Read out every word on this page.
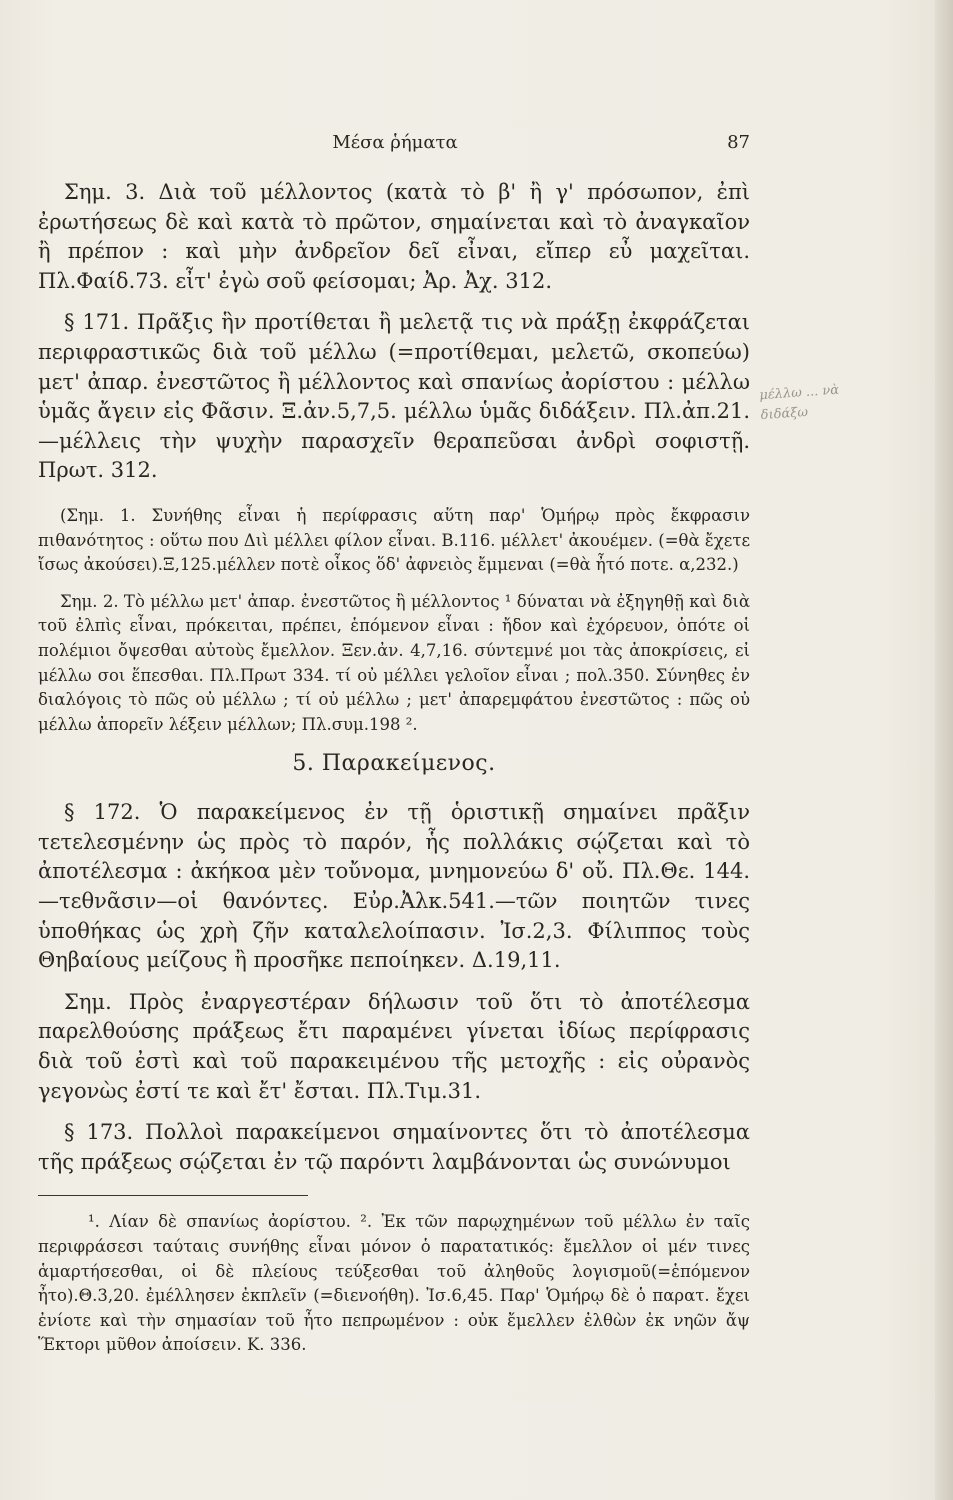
Μέσα ῥήματα	87
μέλλω ... νὰ διδάξω

Σημ. 3. Διὰ τοῦ μέλλοντος (κατὰ τὸ β' ἢ γ' πρόσωπον, ἐπὶ ἐρωτήσεως δὲ καὶ κατὰ τὸ πρῶτον, σημαίνεται καὶ τὸ ἀναγκαῖον ἢ πρέπον : καὶ μὴν ἀνδρεῖον δεῖ εἶναι, εἴπερ εὖ μαχεῖται. Πλ.Φαίδ.73. εἶτ' ἐγὼ σοῦ φείσομαι; Ἀρ. Ἀχ. 312.

§ 171. Πρᾶξις ἣν προτίθεται ἢ μελετᾷ τις νὰ πράξῃ ἐκφράζεται περιφραστικῶς διὰ τοῦ μέλλω (=προτίθεμαι, μελετῶ, σκοπεύω) μετ' ἀπαρ. ἐνεστῶτος ἢ μέλλοντος καὶ σπανίως ἀορίστου : μέλλω ὑμᾶς ἄγειν εἰς Φᾶσιν. Ξ.ἀν.5,7,5. μέλλω ὑμᾶς διδάξειν. Πλ.ἀπ.21.—μέλλεις τὴν ψυχὴν παρασχεῖν θεραπεῦσαι ἀνδρὶ σοφιστῇ. Πρωτ. 312.

(Σημ. 1. Συνήθης εἶναι ἡ περίφρασις αὕτη παρ' Ὁμήρῳ πρὸς ἔκφρασιν πιθανότητος : οὕτω που Διὶ μέλλει φίλον εἶναι. Β.116. μέλλετ' ἀκουέμεν. (=θὰ ἔχετε ἴσως ἀκούσει).Ξ,125.μέλλεν ποτὲ οἶκος ὅδ' ἀφνειὸς ἔμμεναι (=θὰ ἦτό ποτε. α,232.)

Σημ. 2. Τὸ μέλλω μετ' ἀπαρ. ἐνεστῶτος ἢ μέλλοντος ¹ δύναται νὰ ἐξηγηθῇ καὶ διὰ τοῦ ἐλπὶς εἶναι, πρόκειται, πρέπει, ἑπόμενον εἶναι : ἤδον καὶ ἐχόρευον, ὁπότε οἱ πολέμιοι ὄψεσθαι αὐτοὺς ἔμελλον. Ξεν.ἀν. 4,7,16. σύντεμνέ μοι τὰς ἀποκρίσεις, εἰ μέλλω σοι ἕπεσθαι. Πλ.Πρωτ 334. τί οὐ μέλλει γελοῖον εἶναι ; πολ.350. Σύνηθες ἐν διαλόγοις τὸ πῶς οὐ μέλλω ; τί οὐ μέλλω ; μετ' ἀπαρεμφάτου ἐνεστῶτος : πῶς οὐ μέλλω ἀπορεῖν λέξειν μέλλων; Πλ.συμ.198 ².

5. Παρακείμενος.

§ 172. Ὁ παρακείμενος ἐν τῇ ὁριστικῇ σημαίνει πρᾶξιν τετελεσμένην ὡς πρὸς τὸ παρόν, ἧς πολλάκις σῴζεται καὶ τὸ ἀποτέλεσμα : ἀκήκοα μὲν τοὔνομα, μνημονεύω δ' οὔ. Πλ.Θε. 144.—τεθνᾶσιν—οἱ θανόντες. Εὐρ.Ἀλκ.541.—τῶν ποιητῶν τινες ὑποθήκας ὡς χρὴ ζῆν καταλελοίπασιν. Ἰσ.2,3. Φίλιππος τοὺς Θηβαίους μείζους ἢ προσῆκε πεποίηκεν. Δ.19,11.

Σημ. Πρὸς ἐναργεστέραν δήλωσιν τοῦ ὅτι τὸ ἀποτέλεσμα παρελθούσης πράξεως ἔτι παραμένει γίνεται ἰδίως περίφρασις διὰ τοῦ ἐστὶ καὶ τοῦ παρακειμένου τῆς μετοχῆς : εἰς οὐρανὸς γεγονὼς ἐστί τε καὶ ἔτ' ἔσται. Πλ.Τιμ.31.

§ 173. Πολλοὶ παρακείμενοι σημαίνοντες ὅτι τὸ ἀποτέλεσμα τῆς πράξεως σῴζεται ἐν τῷ παρόντι λαμβάνονται ὡς συνώνυμοι

¹. Λίαν δὲ σπανίως ἀορίστου. ². Ἐκ τῶν παρῳχημένων τοῦ μέλλω ἐν ταῖς περιφράσεσι ταύταις συνήθης εἶναι μόνον ὁ παρατατικός: ἔμελλον οἱ μέν τινες ἁμαρτήσεσθαι, οἱ δὲ πλείους τεύξεσθαι τοῦ ἀληθοῦς λογισμοῦ(=ἑπόμενον ἦτο).Θ.3,20. ἐμέλλησεν ἐκπλεῖν (=διενοήθη). Ἰσ.6,45. Παρ' Ὁμήρῳ δὲ ὁ παρατ. ἔχει ἐνίοτε καὶ τὴν σημασίαν τοῦ ἦτο πεπρωμένον : οὐκ ἔμελλεν ἐλθὼν ἐκ νηῶν ἄψ Ἕκτορι μῦθον ἀποίσειν. Κ. 336.
